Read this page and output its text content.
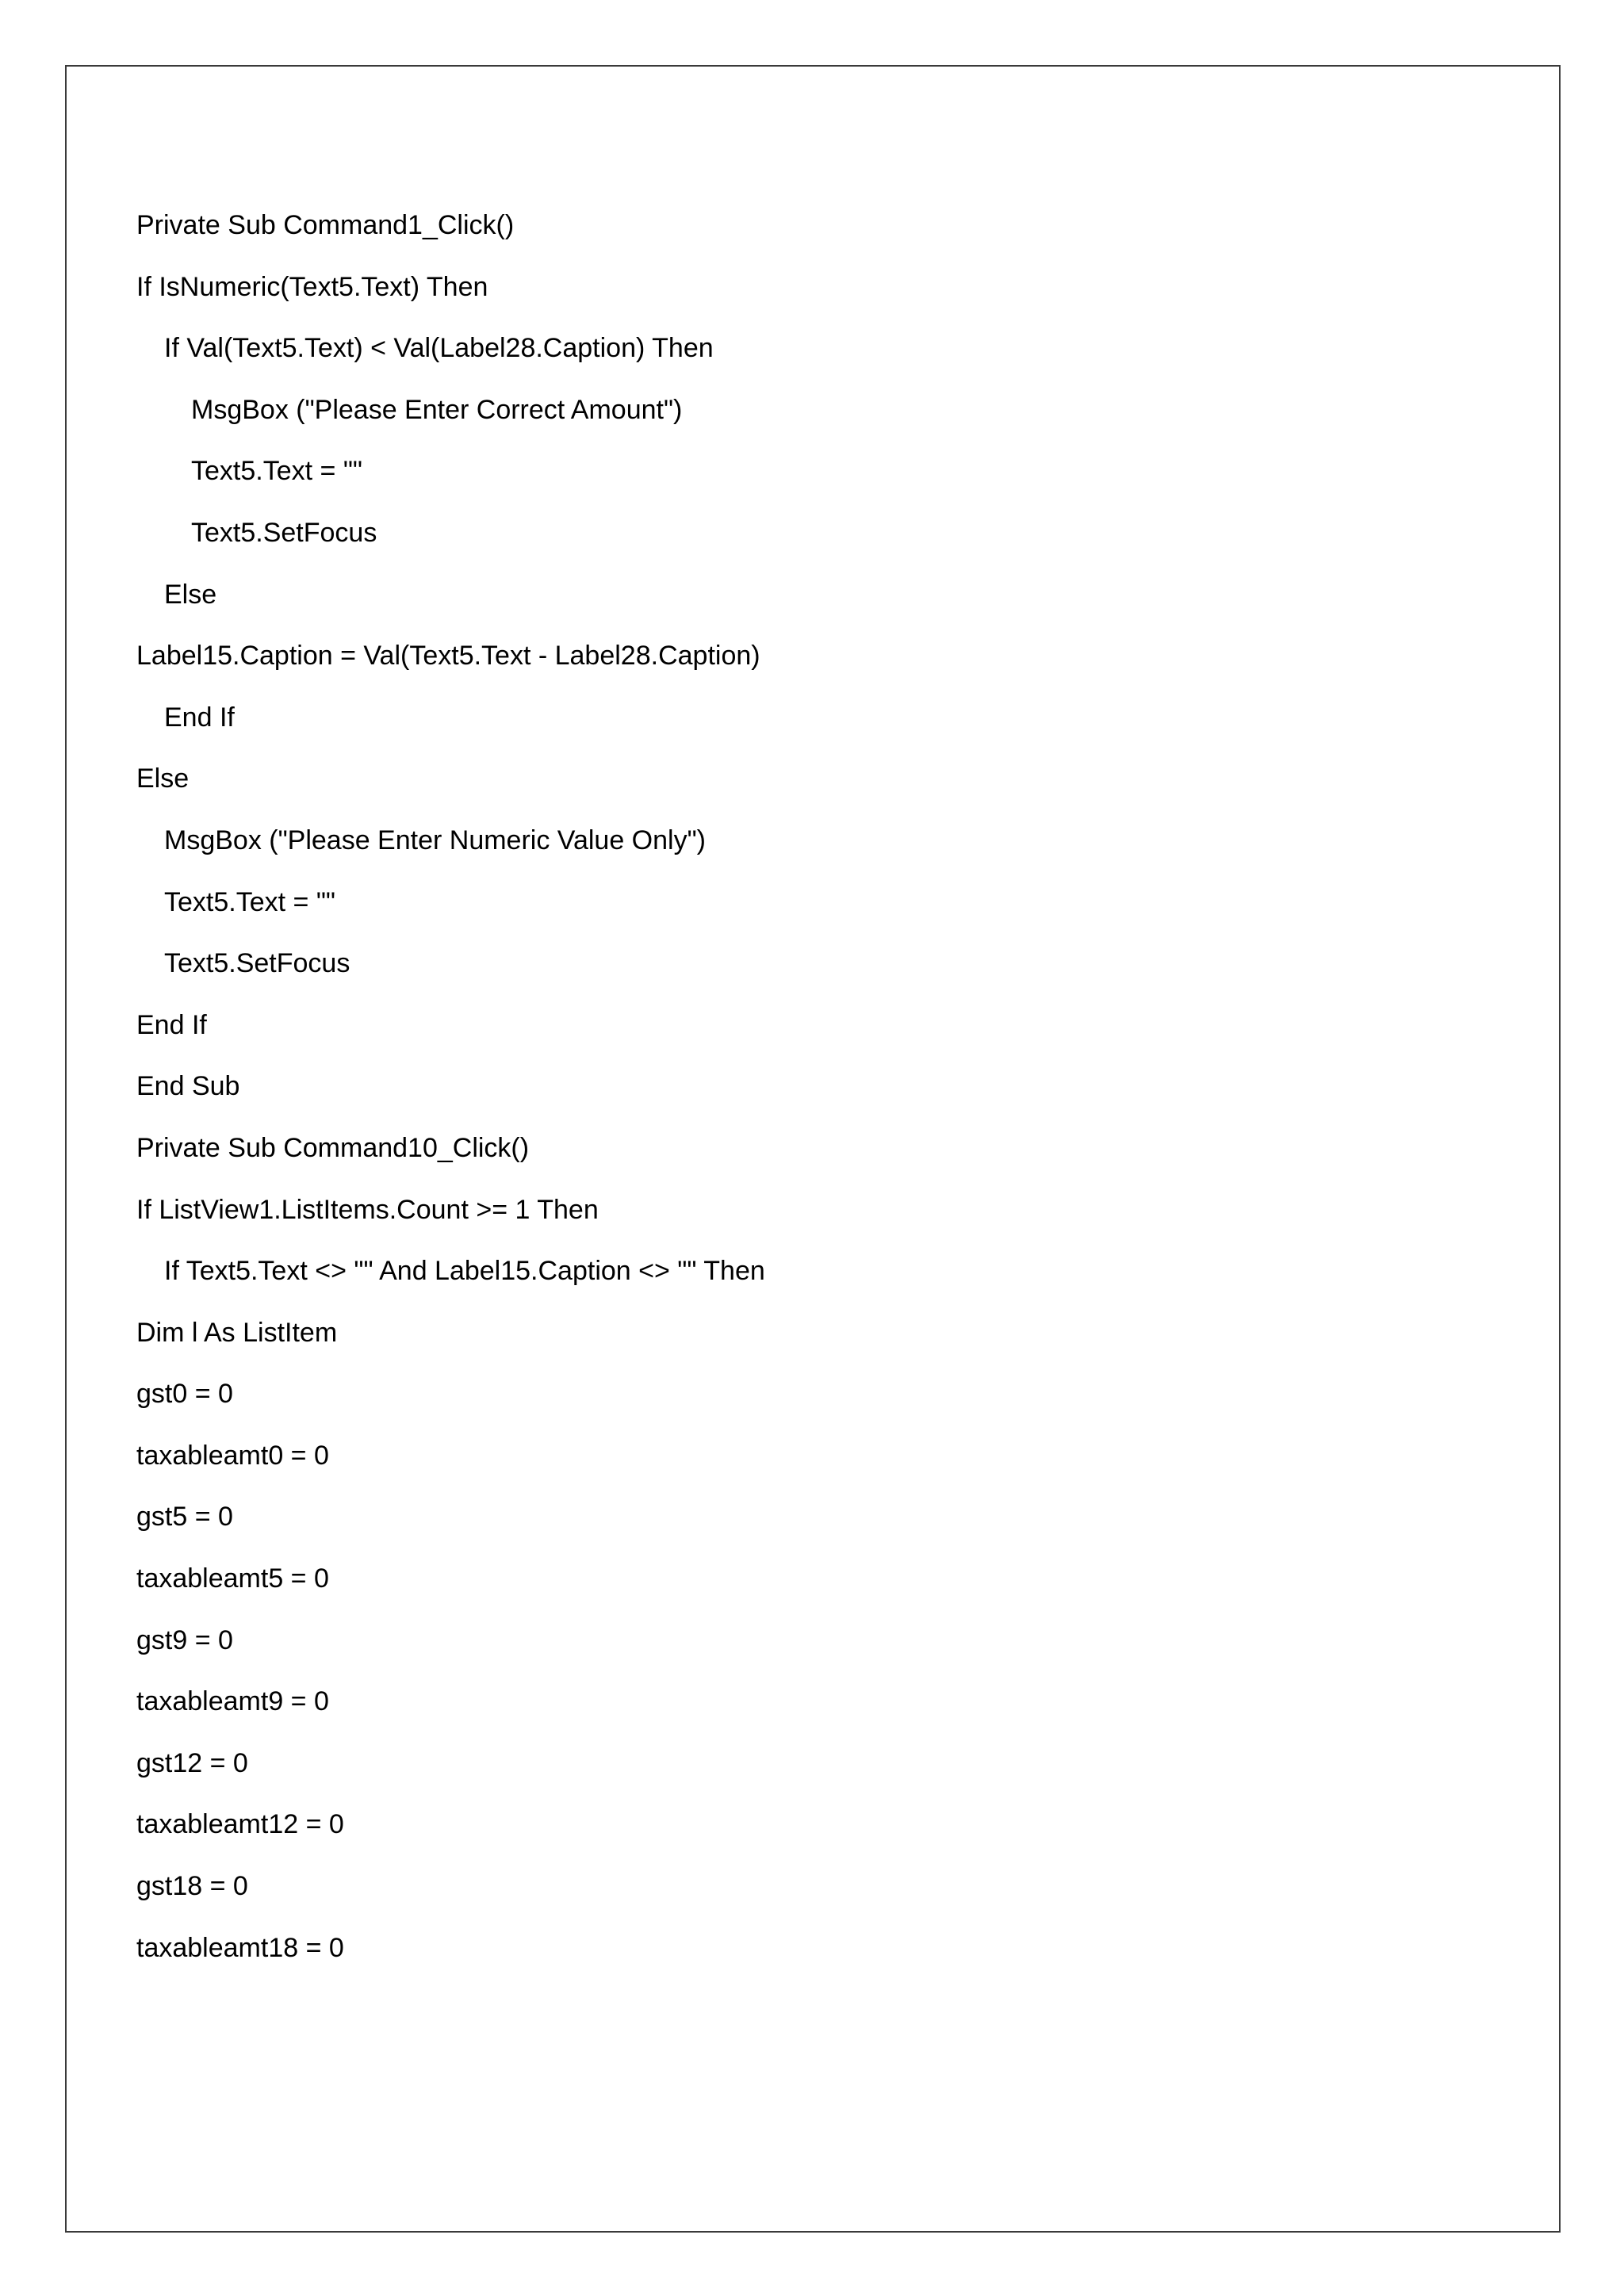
Private Sub Command1_Click()
If IsNumeric(Text5.Text) Then
If Val(Text5.Text) < Val(Label28.Caption) Then
MsgBox ("Please Enter Correct Amount")
Text5.Text = ""
Text5.SetFocus
Else
Label15.Caption = Val(Text5.Text - Label28.Caption)
End If
Else
MsgBox ("Please Enter Numeric Value Only")
Text5.Text = ""
Text5.SetFocus
End If
End Sub
Private Sub Command10_Click()
If ListView1.ListItems.Count >= 1 Then
If Text5.Text <> "" And Label15.Caption <> "" Then
Dim l As ListItem
gst0 = 0
taxableamt0 = 0
gst5 = 0
taxableamt5 = 0
gst9 = 0
taxableamt9 = 0
gst12 = 0
taxableamt12 = 0
gst18 = 0
taxableamt18 = 0
